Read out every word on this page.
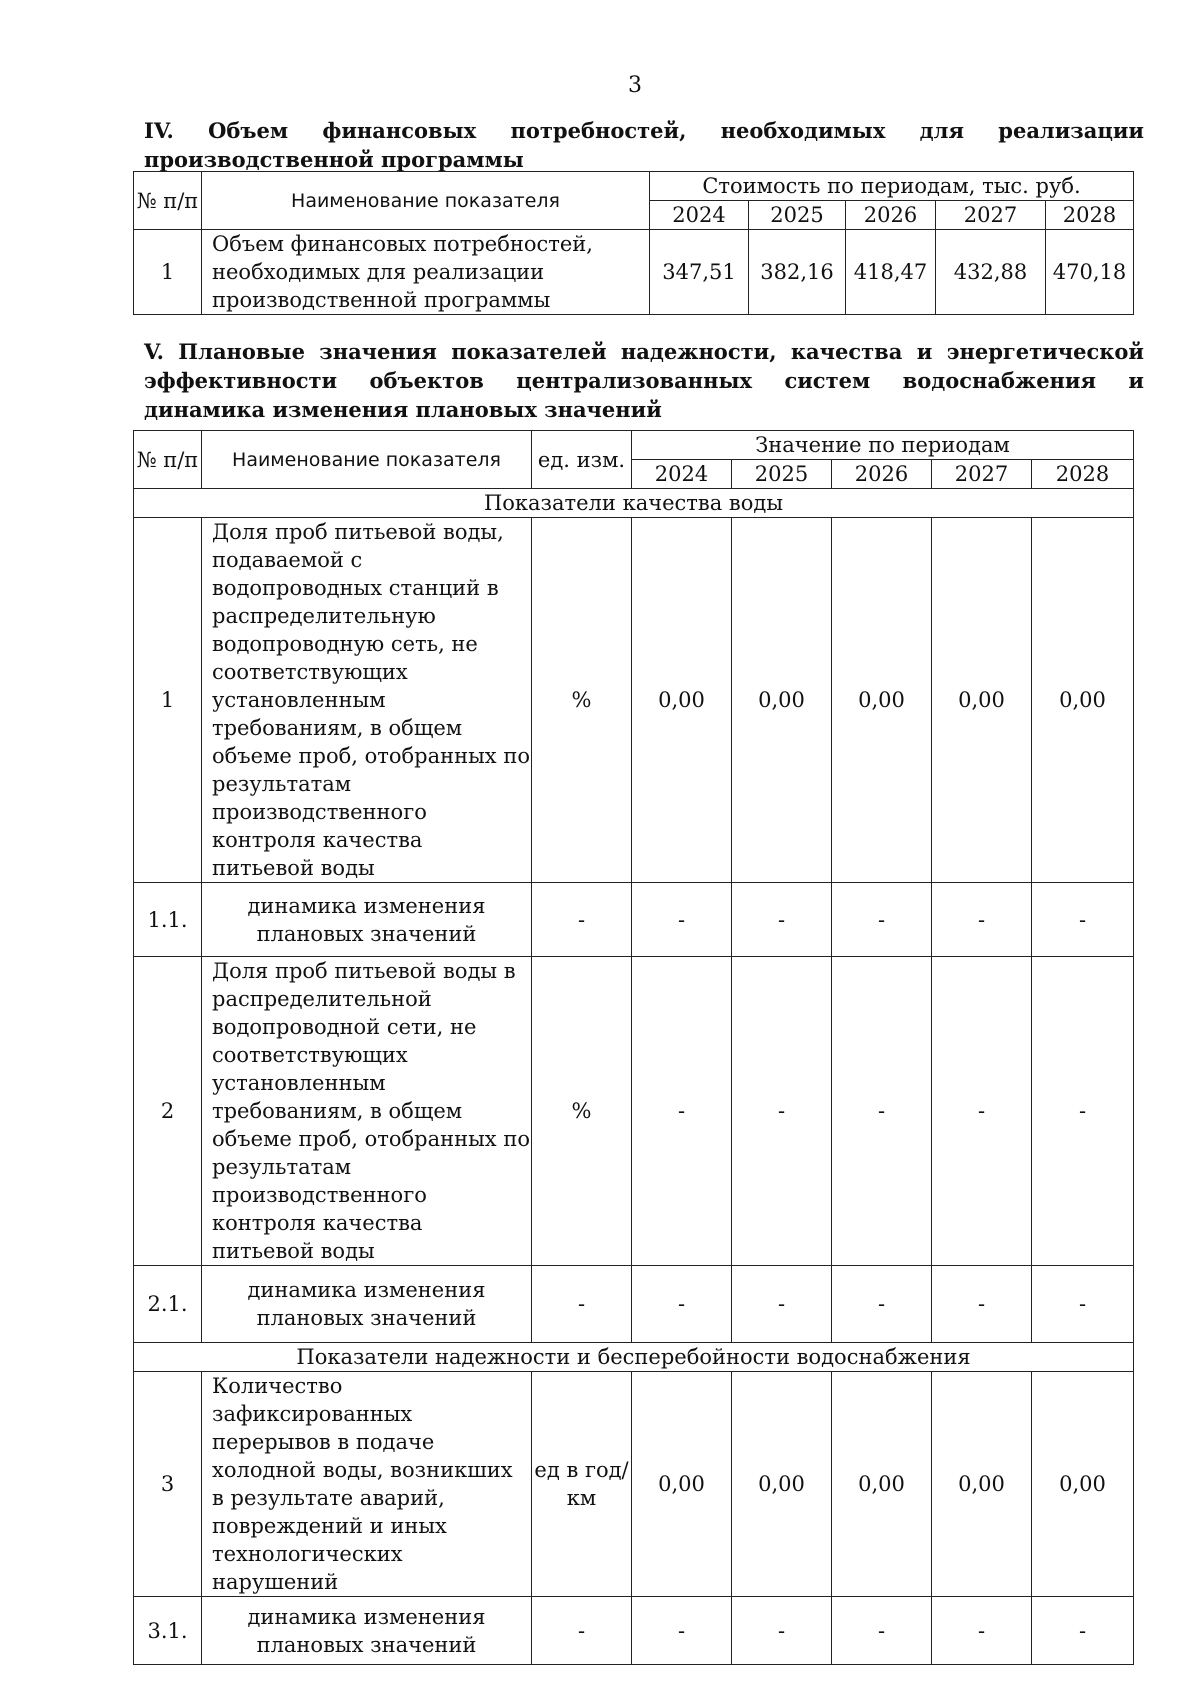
3
IV. Объем финансовых потребностей, необходимых для реализации производственной программы
№ п/п	Наименование показателя	Стоимость по периодам, тыс. руб.				
		2024	2025	2026	2027	2028
1	Объем финансовых потребностей, необходимых для реализации производственной программы	347,51	382,16	418,47	432,88	470,18
V. Плановые значения показателей надежности, качества и энергетической эффективности объектов централизованных систем водоснабжения и динамика изменения плановых значений
№ п/п	Наименование показателя	ед. изм.	Значение по периодам				
			2024	2025	2026	2027	2028
Показатели качества воды							
1	Доля проб питьевой воды, подаваемой с водопроводных станций в распределительную водопроводную сеть, не соответствующих установленным требованиям, в общем объеме проб, отобранных по результатам производственного контроля качества питьевой воды	%	0,00	0,00	0,00	0,00	0,00
1.1.	динамика изменения плановых значений	-	-	-	-	-	-
2	Доля проб питьевой воды в распределительной водопроводной сети, не соответствующих установленным требованиям, в общем объеме проб, отобранных по результатам производственного контроля качества питьевой воды	%	-	-	-	-	-
2.1.	динамика изменения плановых значений	-	-	-	-	-	-
Показатели надежности и бесперебойности водоснабжения							
3	Количество зафиксированных перерывов в подаче холодной воды, возникших в результате аварий, повреждений и иных технологических нарушений	ед в год/ км	0,00	0,00	0,00	0,00	0,00
3.1.	динамика изменения плановых значений	-	-	-	-	-	-
